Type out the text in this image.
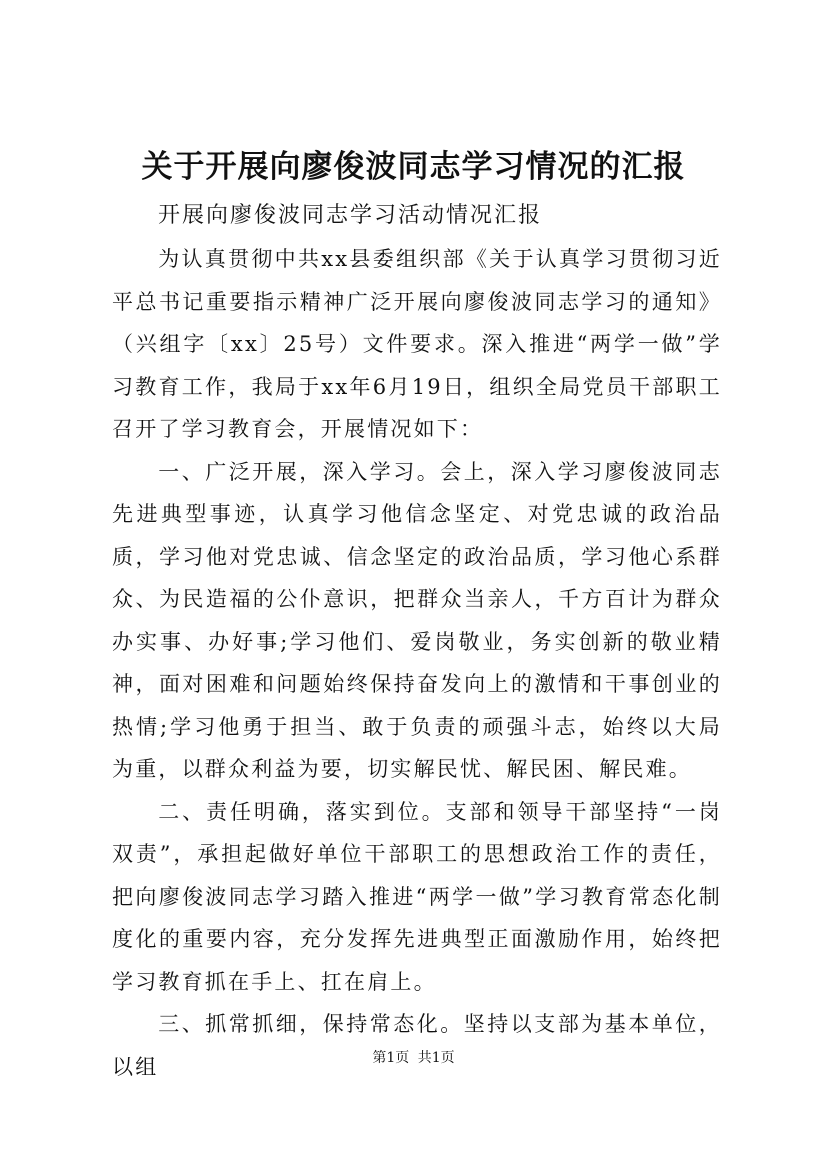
关于开展向廖俊波同志学习情况的汇报
开展向廖俊波同志学习活动情况汇报

为认真贯彻中共xx县委组织部《关于认真学习贯彻习近平总书记重要指示精神广泛开展向廖俊波同志学习的通知》（兴组字〔xx〕25号）文件要求。深入推进“两学一做”学习教育工作，我局于xx年6月19日，组织全局党员干部职工召开了学习教育会，开展情况如下：

一、广泛开展，深入学习。会上，深入学习廖俊波同志先进典型事迹，认真学习他信念坚定、对党忠诚的政治品质，学习他对党忠诚、信念坚定的政治品质，学习他心系群众、为民造福的公仆意识，把群众当亲人，千方百计为群众办实事、办好事;学习他们、爱岗敬业，务实创新的敬业精神，面对困难和问题始终保持奋发向上的激情和干事创业的热情;学习他勇于担当、敢于负责的顽强斗志，始终以大局为重，以群众利益为要，切实解民忧、解民困、解民难。

二、责任明确，落实到位。支部和领导干部坚持“一岗双责”，承担起做好单位干部职工的思想政治工作的责任，把向廖俊波同志学习踏入推进“两学一做”学习教育常态化制度化的重要内容，充分发挥先进典型正面激励作用，始终把学习教育抓在手上、扛在肩上。

三、抓常抓细，保持常态化。坚持以支部为基本单位，以组	第1页 共1页
